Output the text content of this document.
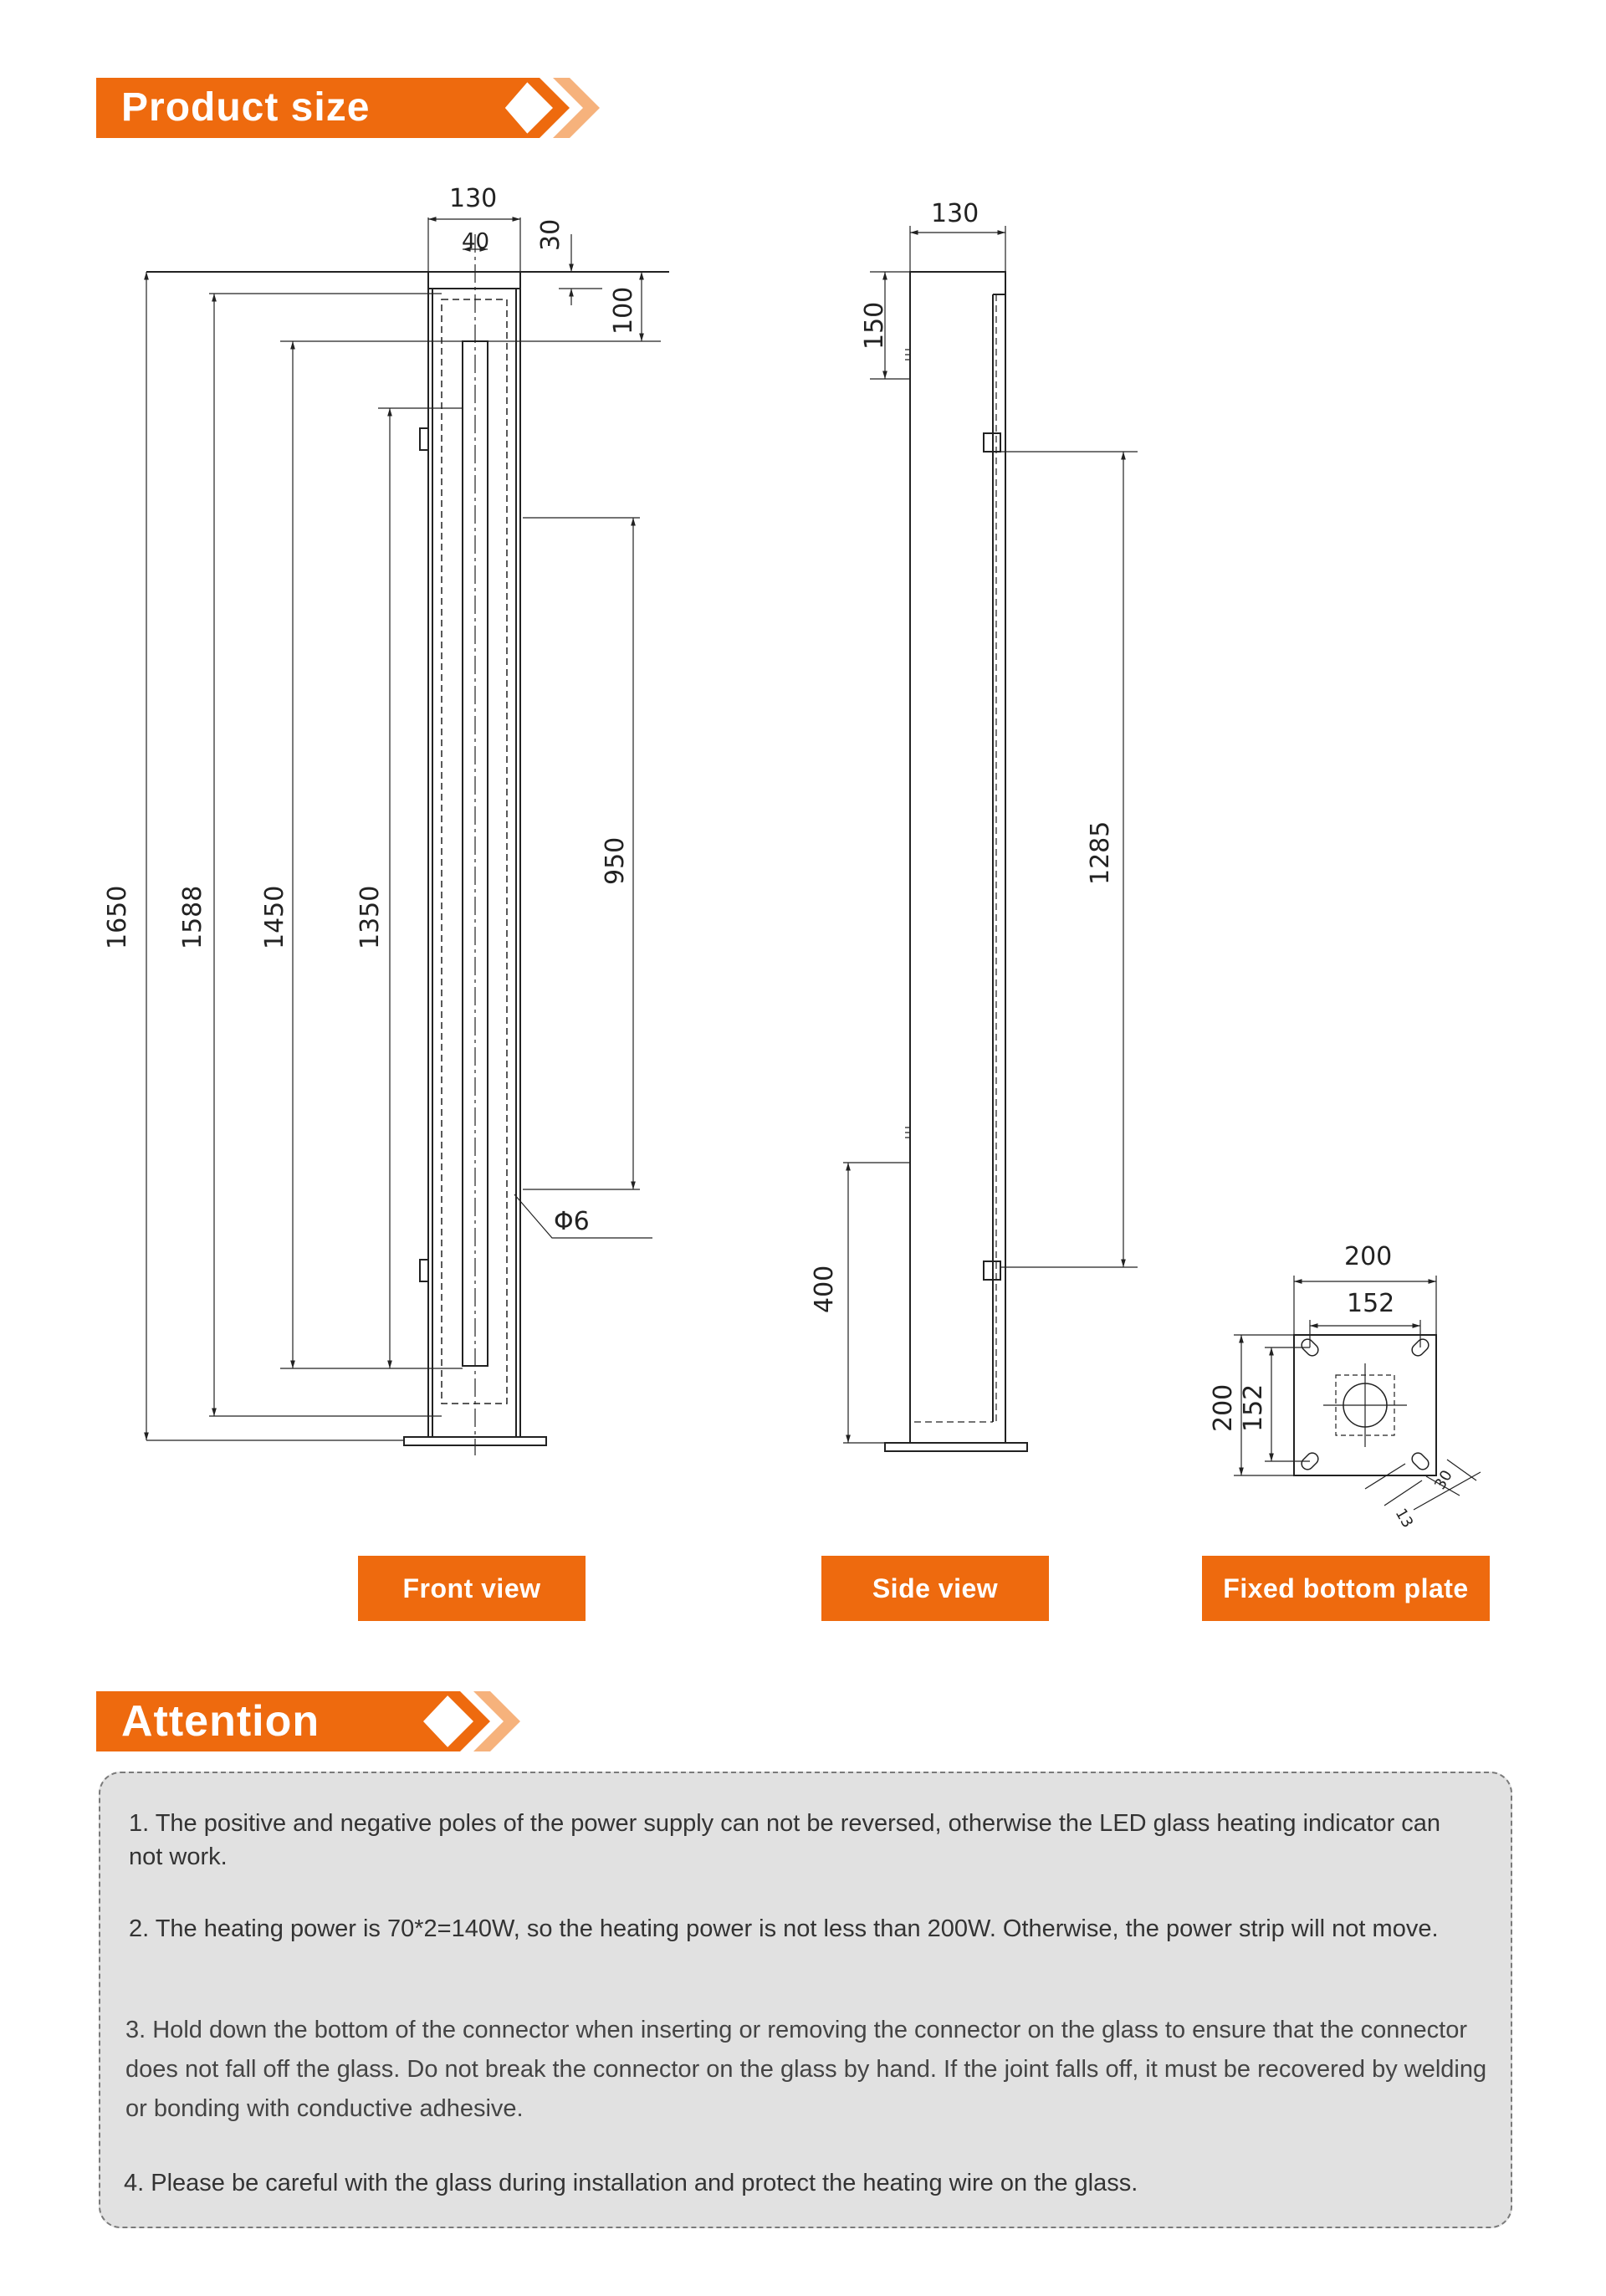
Product size
130
40 30
100
1650 1588 1450	1350
950
Φ6
130
150
1285
400
200
152
200 152
13
30
Front view	Side view	Fixed bottom plate
Attention
1. The positive and negative poles of the power supply can not be reversed, otherwise the LED glass heating indicator can not work.
2. The heating power is 70*2=140W, so the heating power is not less than 200W. Otherwise, the power strip will not move.
3. Hold down the bottom of the connector when inserting or removing the connector on the glass to ensure that the connector does not fall off the glass. Do not break the connector on the glass by hand. If the joint falls off, it must be recovered by welding or bonding with conductive adhesive.
4. Please be careful with the glass during installation and protect the heating wire on the glass.
